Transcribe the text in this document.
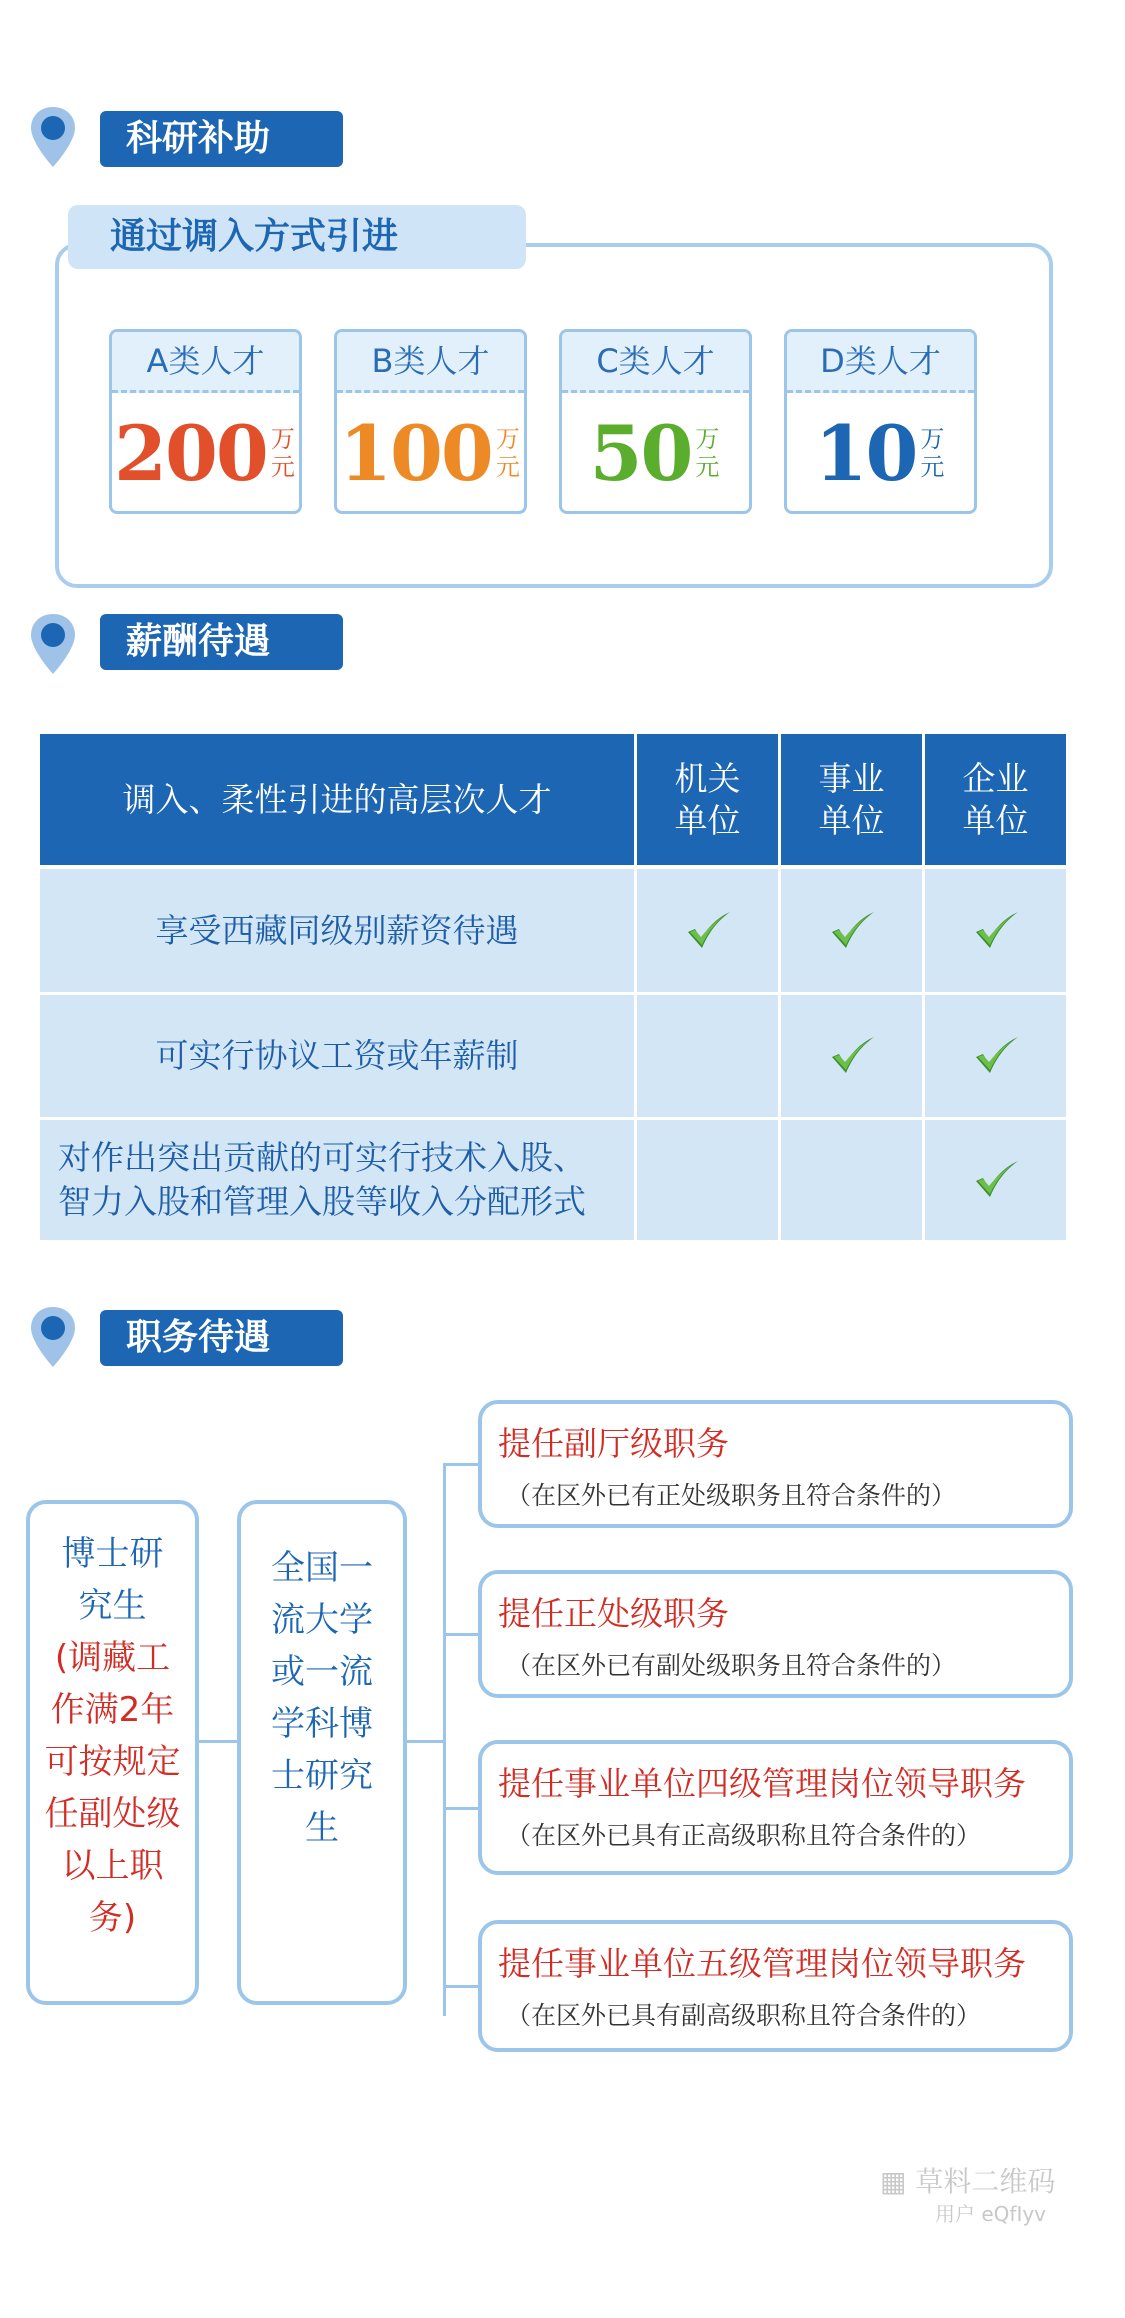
科研补助
通过调入方式引进
A类人才
200 万元
B类人才
100 万元
C类人才
50 万元
D类人才
10 万元
薪酬待遇
调入、柔性引进的高层次人才
机关单位
事业单位
企业单位
享受西藏同级别薪资待遇
可实行协议工资或年薪制
对作出突出贡献的可实行技术入股、智力入股和管理入股等收入分配形式
职务待遇
博士研究生
(调藏工作满2年可按规定任副处级以上职务)
全国一流大学或一流学科博士研究生
提任副厅级职务
（在区外已有正处级职务且符合条件的）
提任正处级职务
（在区外已有副处级职务且符合条件的）
提任事业单位四级管理岗位领导职务
（在区外已具有正高级职称且符合条件的）
提任事业单位五级管理岗位领导职务
（在区外已具有副高级职称且符合条件的）
▦ 草料二维码
用户 eQfIyv
